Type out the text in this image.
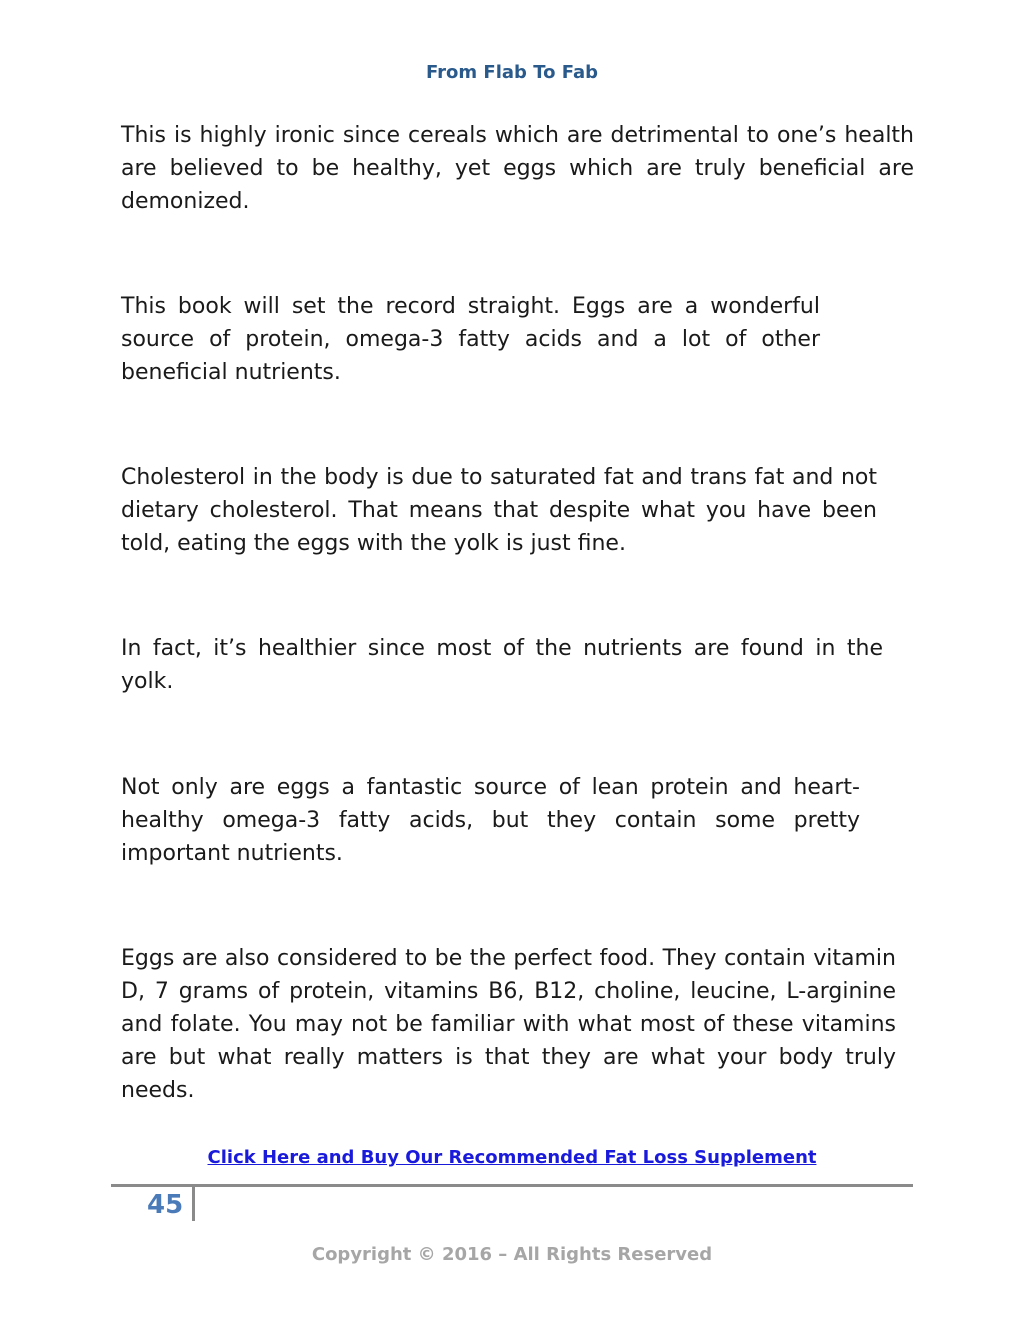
From Flab To Fab

This is highly ironic since cereals which are detrimental to one’s health are believed to be healthy, yet eggs which are truly beneficial are demonized.

This book will set the record straight. Eggs are a wonderful source of protein, omega-3 fatty acids and a lot of other beneficial nutrients.

Cholesterol in the body is due to saturated fat and trans fat and not dietary cholesterol. That means that despite what you have been told, eating the eggs with the yolk is just fine.

In fact, it’s healthier since most of the nutrients are found in the yolk.

Not only are eggs a fantastic source of lean protein and heart-healthy omega-3 fatty acids, but they contain some pretty important nutrients.

Eggs are also considered to be the perfect food. They contain vitamin D, 7 grams of protein, vitamins B6, B12, choline, leucine, L-arginine and folate. You may not be familiar with what most of these vitamins are but what really matters is that they are what your body truly needs.

Click Here and Buy Our Recommended Fat Loss Supplement
45
Copyright © 2016 – All Rights Reserved
